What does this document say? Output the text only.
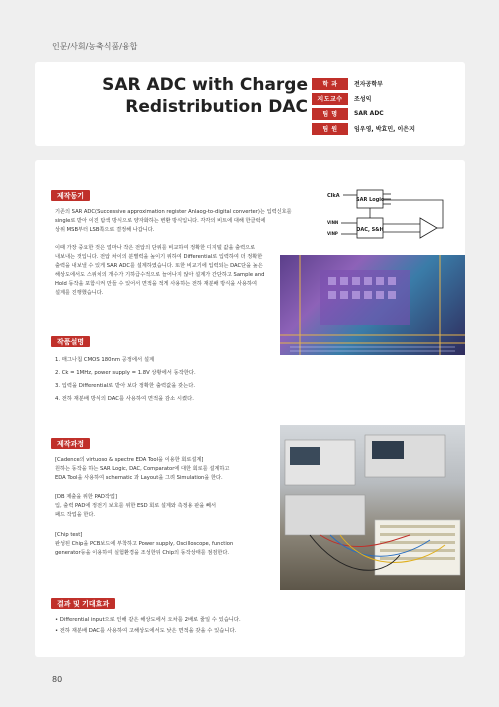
인문/사회/농축식품/융합
SAR ADC with Charge
Redistribution DAC
학 과	전자공학부
지도교수	조성익
팀 명	SAR ADC
팀 원	임우영, 박효민, 이은지
제작동기
기존의 SAR ADC(Successive approximation register Anlaog-to-digital converter)는 입력신호를
single로 받아 이진 탐색 방식으로 양자화하는 변환 방식입니다. 각각의 비트에 대해 한클럭에
상위 MSB부터 LSB쪽으로 결정해 나갑니다.
이때 가장 중요한 것은 얼마나 작은 전압의 단위를 비교하여 정확한 디지털 값을 출력으로
내보내는 것입니다. 전압 차이의 분별력을 높이기 위하여 Differential로 입력하여 더 정확한
출력을 내보낼 수 있게 SAR ADC를 설계하였습니다. 또한 비교기에 입력되는 DAC단을 높은
해상도에서도 스위치의 개수가 기하급수적으로 늘어나지 않아 설계가 간단하고 Sample and
Hold 동작을 포함시켜 만들 수 있어서 면적을 적게 사용하는 전하 재분배 방식을 사용하여
설계를 진행했습니다.
ClkA
SAR Logic
DAC, S&H
VINN
VINP
작품설명
1. 매그나칩 CMOS 180nm 공정에서 설계
2. Ck = 1MHz, power supply = 1.8V 상황에서 동작한다.
3. 입력을 Differential로 받아 보다 정확한 출력값을 갖는다.
4. 전하 재분배 방식의 DAC를 사용하여 면적을 감소 시켰다.
제작과정
[Cadence의 virtuoso & spectre EDA Tool을 이용한 회로설계]
원하는 동작을 하는 SAR Logic, DAC, Comparator에 대한 회로를 설계하고
EDA Tool을 사용하여 schematic 과 Layout을 그려 Simulation을 한다.
[DB 제출을 위한 PAD작업]
입, 출력 PAD에 정전기 보호를 위한 ESD 회로 설계와 측정용 판을 빼서
패드 작업을 한다.
[Chip test]
완성된 Chip을 PCB보드에 부착하고 Power supply, Oscilloscope, function
generator등을 이용하여 실험환경을 조성한뒤 Chip의 동작상태를 점검한다.
결과 및 기대효과
• Differential input으로 인해 같은 해상도에서 오차를 2배로 줄일 수 있습니다.
• 전하 재분배 DAC를 사용하여 고해상도에서도 낮은 면적을 갖을 수 있습니다.
80
